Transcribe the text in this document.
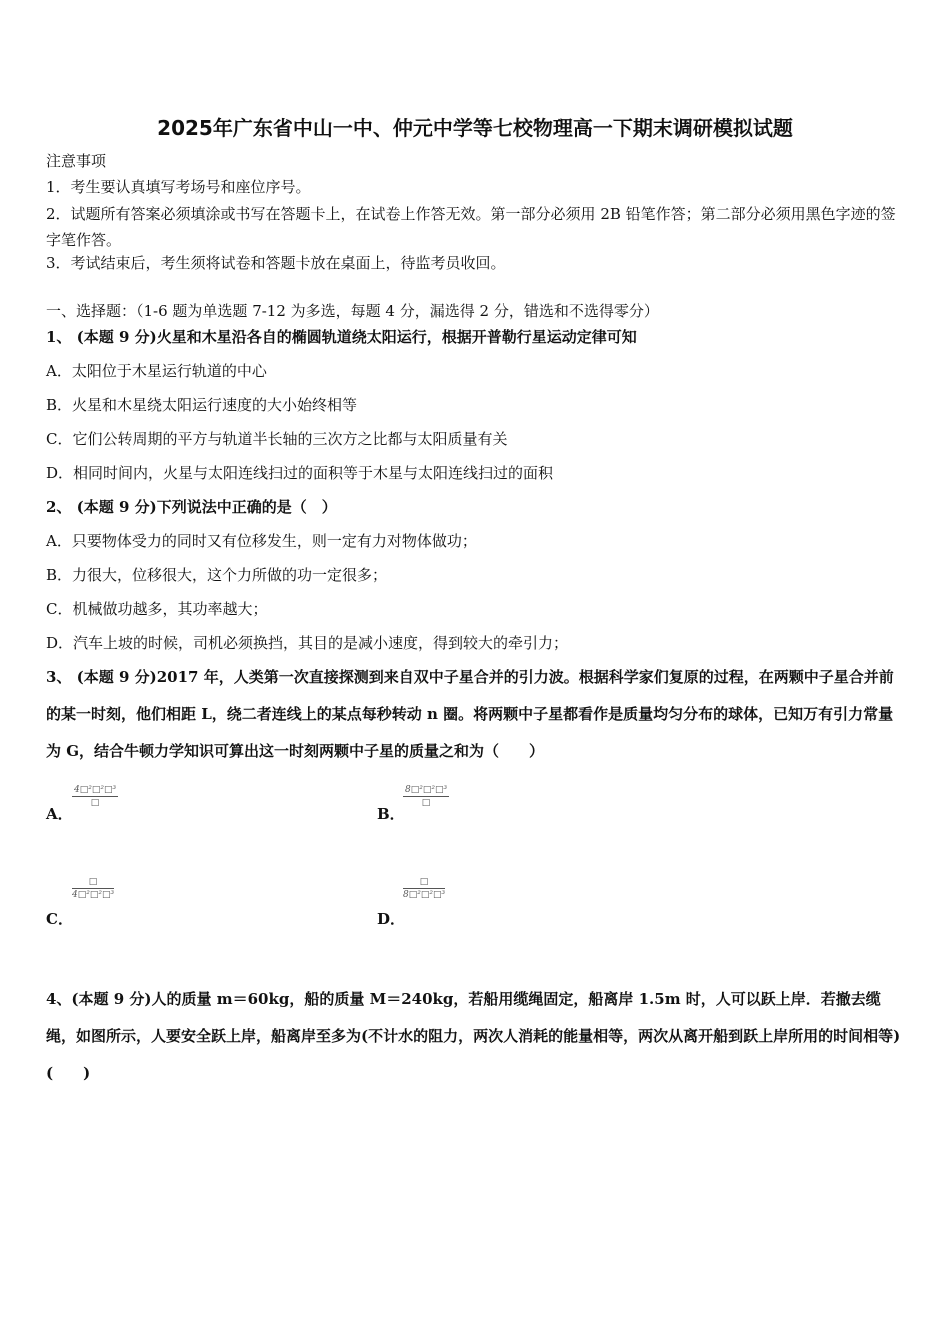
2025年广东省中山一中、仲元中学等七校物理高一下期末调研模拟试题
注意事项
1．考生要认真填写考场号和座位序号。
2．试题所有答案必须填涂或书写在答题卡上，在试卷上作答无效。第一部分必须用 2B 铅笔作答；第二部分必须用黑色字迹的签字笔作答。
3．考试结束后，考生须将试卷和答题卡放在桌面上，待监考员收回。
一、选择题：（1-6 题为单选题 7-12 为多选，每题 4 分，漏选得 2 分，错选和不选得零分）
1、 (本题 9 分)火星和木星沿各自的椭圆轨道绕太阳运行，根据开普勒行星运动定律可知
A．太阳位于木星运行轨道的中心
B．火星和木星绕太阳运行速度的大小始终相等
C．它们公转周期的平方与轨道半长轴的三次方之比都与太阳质量有关
D．相同时间内，火星与太阳连线扫过的面积等于木星与太阳连线扫过的面积
2、 (本题 9 分)下列说法中正确的是（　）
A．只要物体受力的同时又有位移发生，则一定有力对物体做功；
B．力很大，位移很大，这个力所做的功一定很多；
C．机械做功越多，其功率越大；
D．汽车上坡的时候，司机必须换挡，其目的是减小速度，得到较大的牵引力；
3、 (本题 9 分)2017 年，人类第一次直接探测到来自双中子星合并的引力波。根据科学家们复原的过程，在两颗中子星合并前的某一时刻，他们相距 L，绕二者连线上的某点每秒转动 n 圈。将两颗中子星都看作是质量均匀分布的球体，已知万有引力常量为 G，结合牛顿力学知识可算出这一时刻两颗中子星的质量之和为（　　）
A．
4□²□²□³
□
B．
8□²□²□³
□
C．
□
4□²□²□³
D．
□
8□²□²□³
4、(本题 9 分)人的质量 m＝60kg，船的质量 M＝240kg，若船用缆绳固定，船离岸 1.5m 时，人可以跃上岸．若撤去缆绳，如图所示，人要安全跃上岸，船离岸至多为(不计水的阻力，两次人消耗的能量相等，两次从离开船到跃上岸所用的时间相等)(　　)
